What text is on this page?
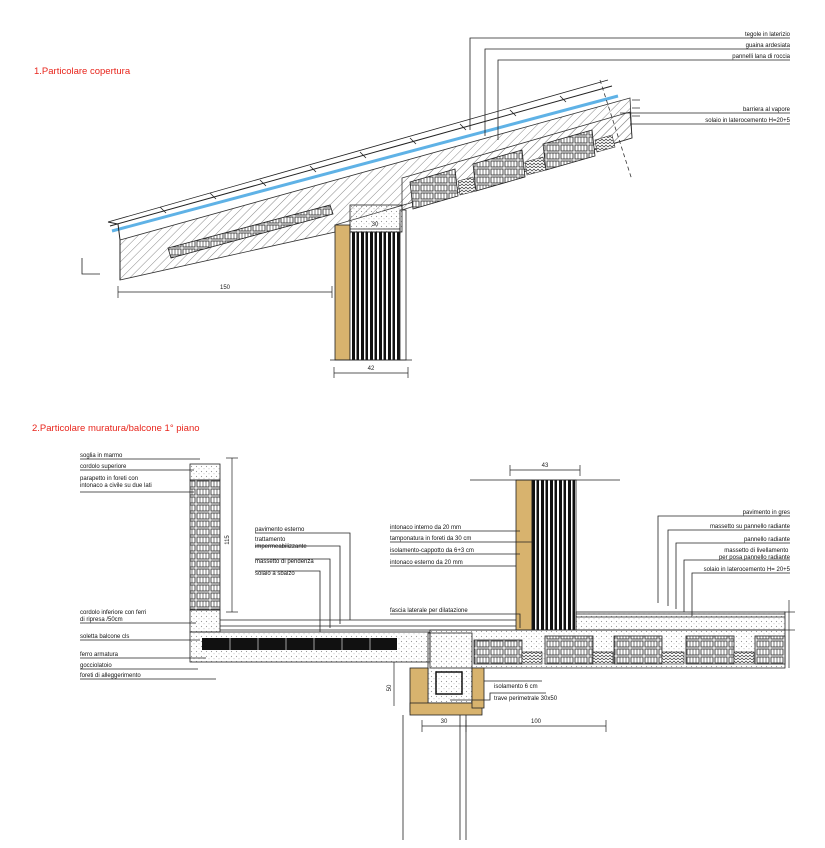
1.Particolare copertura
2.Particolare muratura/balcone 1° piano
150
30
42
tegole in laterizio
guaina ardesiata
pannelli lana di roccia
barriera al vapore
solaio in laterocemento H=20+5
43
115
30	100
50
soglia in marmo
cordolo superiore
parapetto in foreti con intonaco a civile su due lati
cordolo inferiore con ferri di ripresa /50cm
soletta balcone cls
ferro armatura
gocciolatoio
foreti di alleggerimento
pavimento esterno
trattamento impermeabilizzante
massetto di pendenza
solaio a sbalzo
intonaco interno da 20 mm
tamponatura in foreti da 30 cm
isolamento-cappotto da 6+3 cm
intonaco esterno da 20 mm
fascia laterale per dilatazione
pavimento in gres
massetto su pannello radiante
pannello radiante
massetto di livellamento per posa pannello radiante
solaio in laterocemento H= 20+5
isolamento 6 cm
trave perimetrale 30x50
